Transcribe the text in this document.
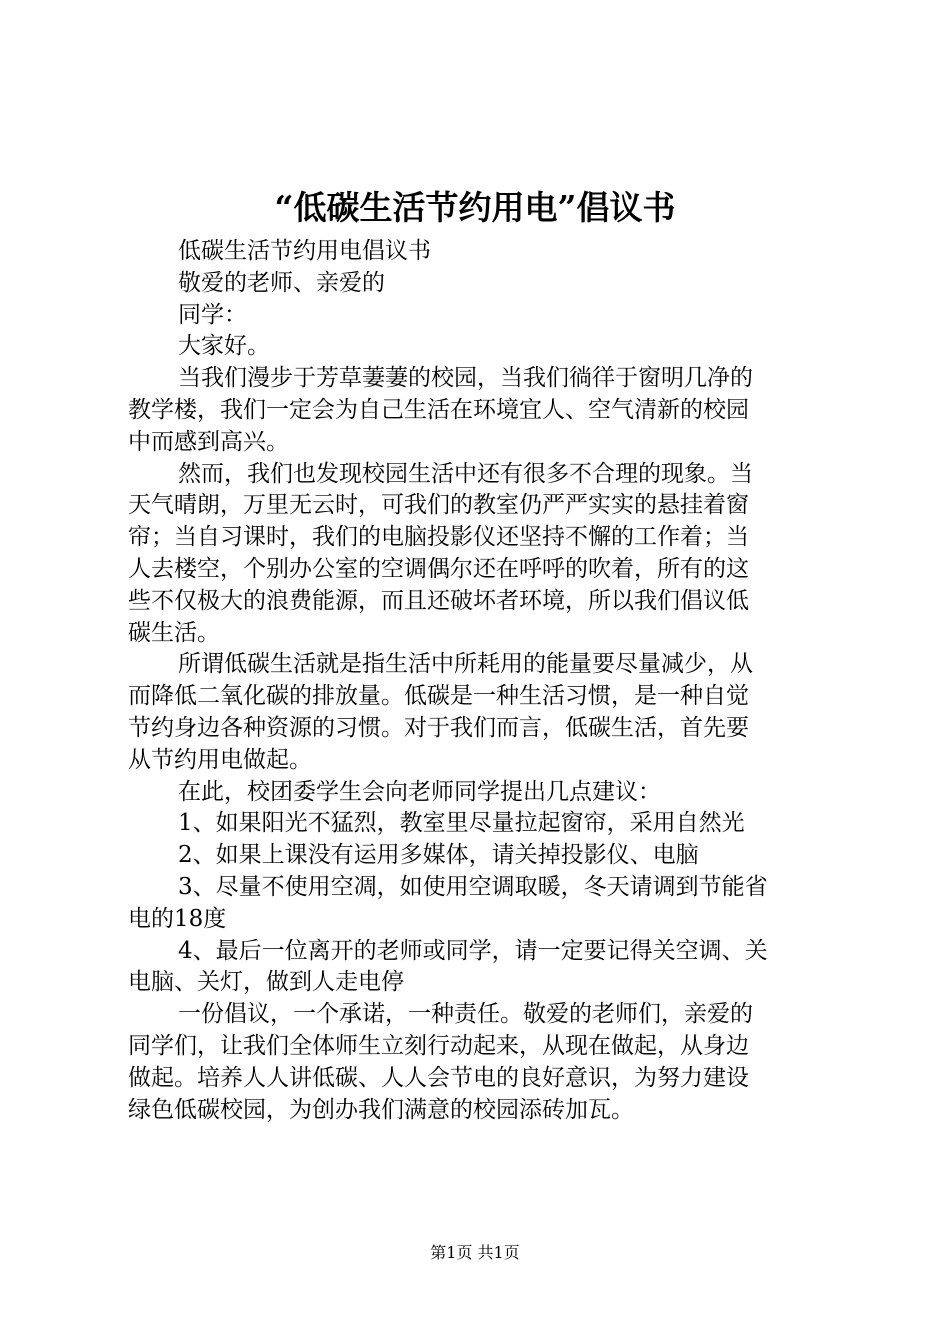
“低碳生活节约用电”倡议书

低碳生活节约用电倡议书

敬爱的老师、亲爱的

同学：

大家好。

当我们漫步于芳草萋萋的校园，当我们徜徉于窗明几净的

教学楼，我们一定会为自己生活在环境宜人、空气清新的校园

中而感到高兴。

然而，我们也发现校园生活中还有很多不合理的现象。当

天气晴朗，万里无云时，可我们的教室仍严严实实的悬挂着窗

帘；当自习课时，我们的电脑投影仪还坚持不懈的工作着；当

人去楼空，个别办公室的空调偶尔还在呼呼的吹着，所有的这

些不仅极大的浪费能源，而且还破坏者环境，所以我们倡议低

碳生活。

所谓低碳生活就是指生活中所耗用的能量要尽量减少，从

而降低二氧化碳的排放量。低碳是一种生活习惯，是一种自觉

节约身边各种资源的习惯。对于我们而言，低碳生活，首先要

从节约用电做起。

在此，校团委学生会向老师同学提出几点建议：

1、如果阳光不猛烈，教室里尽量拉起窗帘，采用自然光

2、如果上课没有运用多媒体，请关掉投影仪、电脑

3、尽量不使用空凋，如使用空调取暖，冬天请调到节能省

电的18度

4、最后一位离开的老师或同学，请一定要记得关空调、关

电脑、关灯，做到人走电停

一份倡议，一个承诺，一种责任。敬爱的老师们，亲爱的

同学们，让我们全体师生立刻行动起来，从现在做起，从身边

做起。培养人人讲低碳、人人会节电的良好意识，为努力建设

绿色低碳校园，为创办我们满意的校园添砖加瓦。

第1页 共1页
